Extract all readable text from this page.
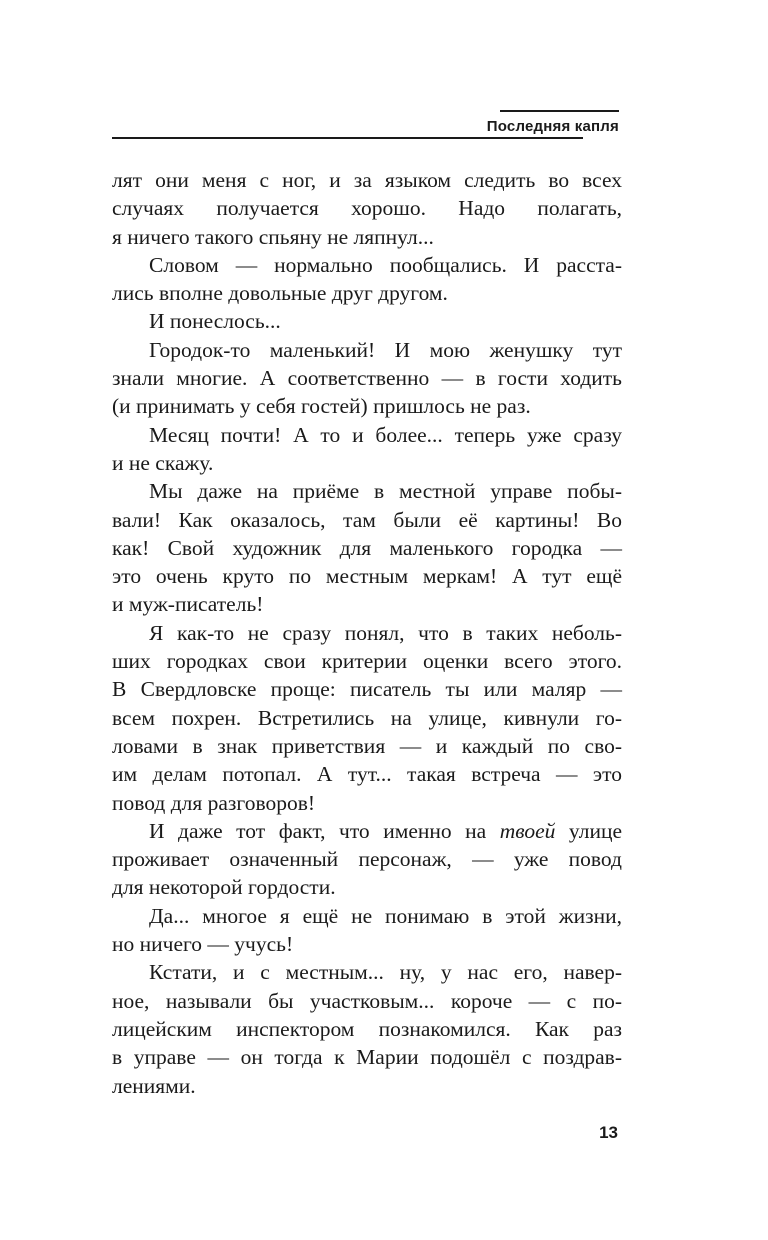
Последняя капля
лят они меня с ног, и за языком следить во всех
случаях получается хорошо. Надо полагать,
я ничего такого спьяну не ляпнул...
Словом — нормально пообщались. И расста-
лись вполне довольные друг другом.
И понеслось...
Городок-то маленький! И мою женушку тут
знали многие. А соответственно — в гости ходить
(и принимать у себя гостей) пришлось не раз.
Месяц почти! А то и более... теперь уже сразу
и не скажу.
Мы даже на приёме в местной управе побы-
вали! Как оказалось, там были её картины! Во
как! Свой художник для маленького городка —
это очень круто по местным меркам! А тут ещё
и муж-писатель!
Я как-то не сразу понял, что в таких неболь-
ших городках свои критерии оценки всего этого.
В Свердловске проще: писатель ты или маляр —
всем похрен. Встретились на улице, кивнули го-
ловами в знак приветствия — и каждый по сво-
им делам потопал. А тут... такая встреча — это
повод для разговоров!
И даже тот факт, что именно на твоей улице
проживает означенный персонаж, — уже повод
для некоторой гордости.
Да... многое я ещё не понимаю в этой жизни,
но ничего — учусь!
Кстати, и с местным... ну, у нас его, навер-
ное, называли бы участковым... короче — с по-
лицейским инспектором познакомился. Как раз
в управе — он тогда к Марии подошёл с поздрав-
лениями.
13
